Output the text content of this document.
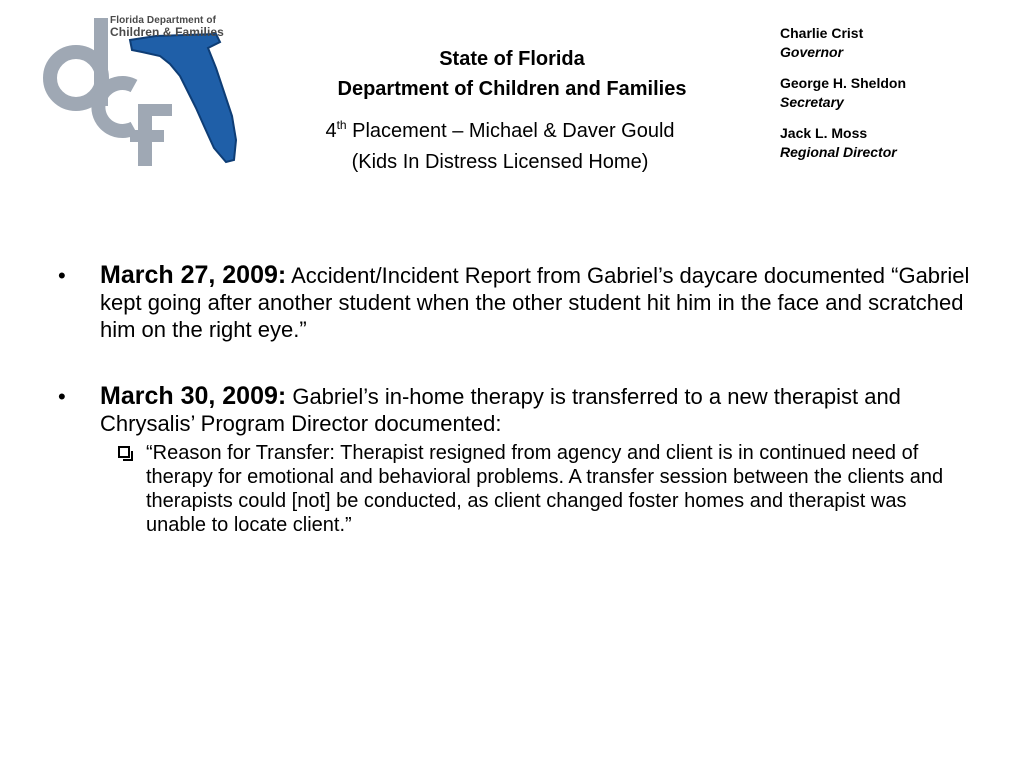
Florida Department of
Children & Families
State of Florida
Department of Children and Families
4th Placement – Michael & Daver Gould
(Kids In Distress Licensed Home)
Charlie Crist
Governor
George H. Sheldon
Secretary
Jack L. Moss
Regional Director
• March 27, 2009: Accident/Incident Report from Gabriel’s daycare documented “Gabriel kept going after another student when the other student hit him in the face and scratched him on the right eye.”
• March 30, 2009: Gabriel’s in-home therapy is transferred to a new therapist and Chrysalis’ Program Director documented:
“Reason for Transfer: Therapist resigned from agency and client is in continued need of therapy for emotional and behavioral problems. A transfer session between the clients and therapists could [not] be conducted, as client changed foster homes and therapist was unable to locate client.”
